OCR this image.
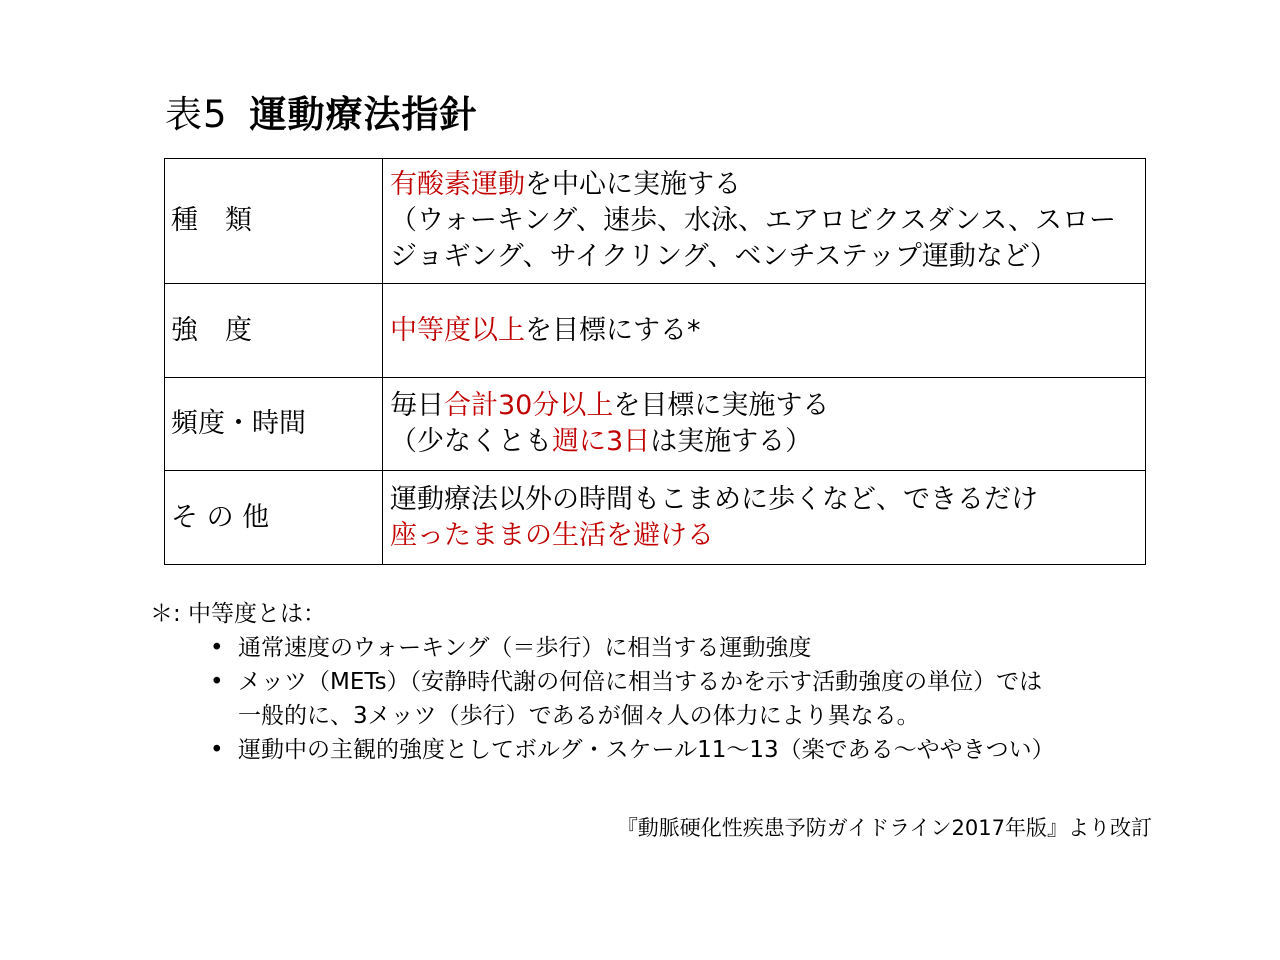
表5 運動療法指針
種　類	有酸素運動を中心に実施する
（ウォーキング、速歩、水泳、エアロビクスダンス、スロー
ジョギング、サイクリング、ベンチステップ運動など）

強　度	中等度以上を目標にする*

頻度・時間	毎日合計30分以上を目標に実施する
（少なくとも週に3日は実施する）

そ の 他	運動療法以外の時間もこまめに歩くなど、できるだけ
座ったままの生活を避ける
＊: 中等度とは：
• 通常速度のウォーキング（＝歩行）に相当する運動強度
• メッツ（METs）（安静時代謝の何倍に相当するかを示す活動強度の単位）では
一般的に、3メッツ（歩行）であるが個々人の体力により異なる。
• 運動中の主観的強度としてボルグ・スケール11～13（楽である～ややきつい）
『動脈硬化性疾患予防ガイドライン2017年版』より改訂
